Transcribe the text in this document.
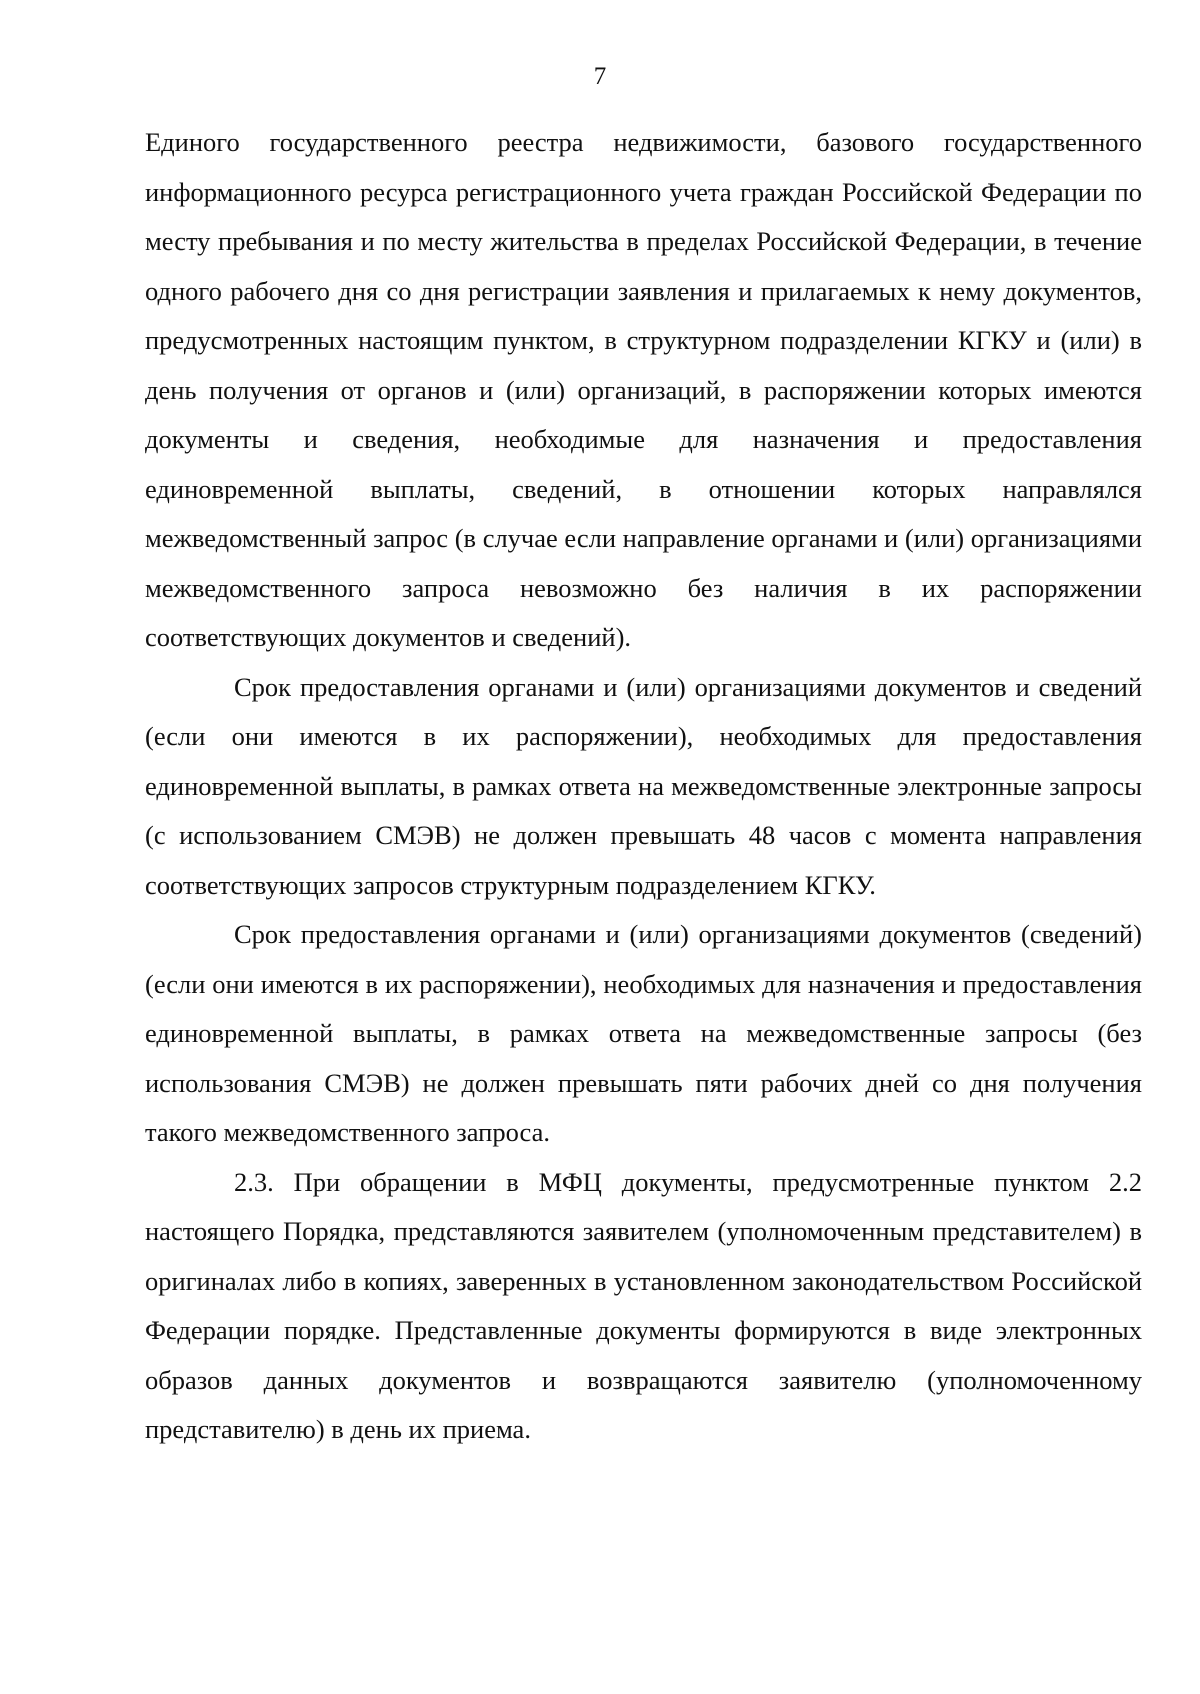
7

Единого государственного реестра недвижимости, базового государственного информационного ресурса регистрационного учета граждан Российской Федерации по месту пребывания и по месту жительства в пределах Российской Федерации, в течение одного рабочего дня со дня регистрации заявления и прилагаемых к нему документов, предусмотренных настоящим пунктом, в структурном подразделении КГКУ и (или) в день получения от органов и (или) организаций, в распоряжении которых имеются документы и сведения, необходимые для назначения и предоставления единовременной выплаты, сведений, в отношении которых направлялся межведомственный запрос (в случае если направление органами и (или) организациями межведомственного запроса невозможно без наличия в их распоряжении соответствующих документов и сведений).

Срок предоставления органами и (или) организациями документов и сведений (если они имеются в их распоряжении), необходимых для предоставления единовременной выплаты, в рамках ответа на межведомственные электронные запросы (с использованием СМЭВ) не должен превышать 48 часов с момента направления соответствующих запросов структурным подразделением КГКУ.

Срок предоставления органами и (или) организациями документов (сведений) (если они имеются в их распоряжении), необходимых для назначения и предоставления единовременной выплаты, в рамках ответа на межведомственные запросы (без использования СМЭВ) не должен превышать пяти рабочих дней со дня получения такого межведомственного запроса.

2.3. При обращении в МФЦ документы, предусмотренные пунктом 2.2 настоящего Порядка, представляются заявителем (уполномоченным представителем) в оригиналах либо в копиях, заверенных в установленном законодательством Российской Федерации порядке. Представленные документы формируются в виде электронных образов данных документов и возвращаются заявителю (уполномоченному представителю) в день их приема.
